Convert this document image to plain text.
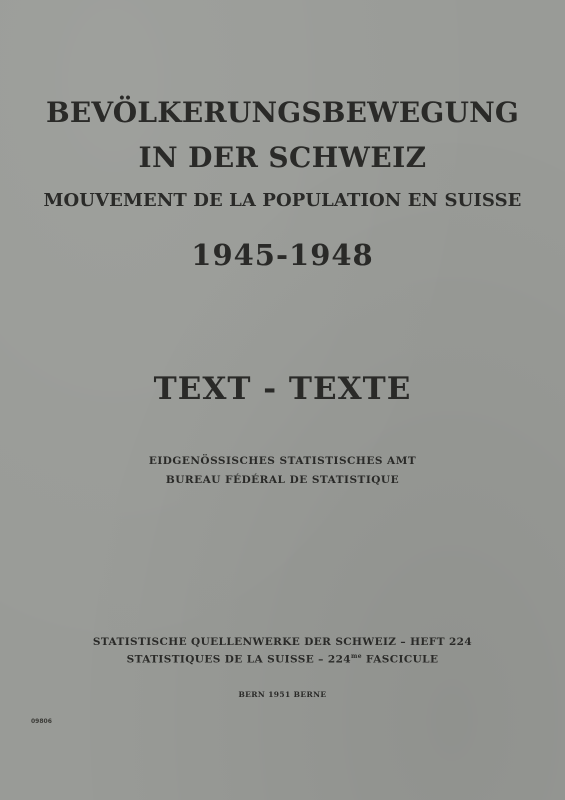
BEVÖLKERUNGSBEWEGUNG
IN DER SCHWEIZ
MOUVEMENT DE LA POPULATION EN SUISSE
1945-1948
TEXT - TEXTE
EIDGENÖSSISCHES STATISTISCHES AMT
BUREAU FÉDÉRAL DE STATISTIQUE
STATISTISCHE QUELLENWERKE DER SCHWEIZ – HEFT 224
STATISTIQUES DE LA SUISSE – $224^{me}$ FASCICULE
BERN 1951 BERNE
09806
